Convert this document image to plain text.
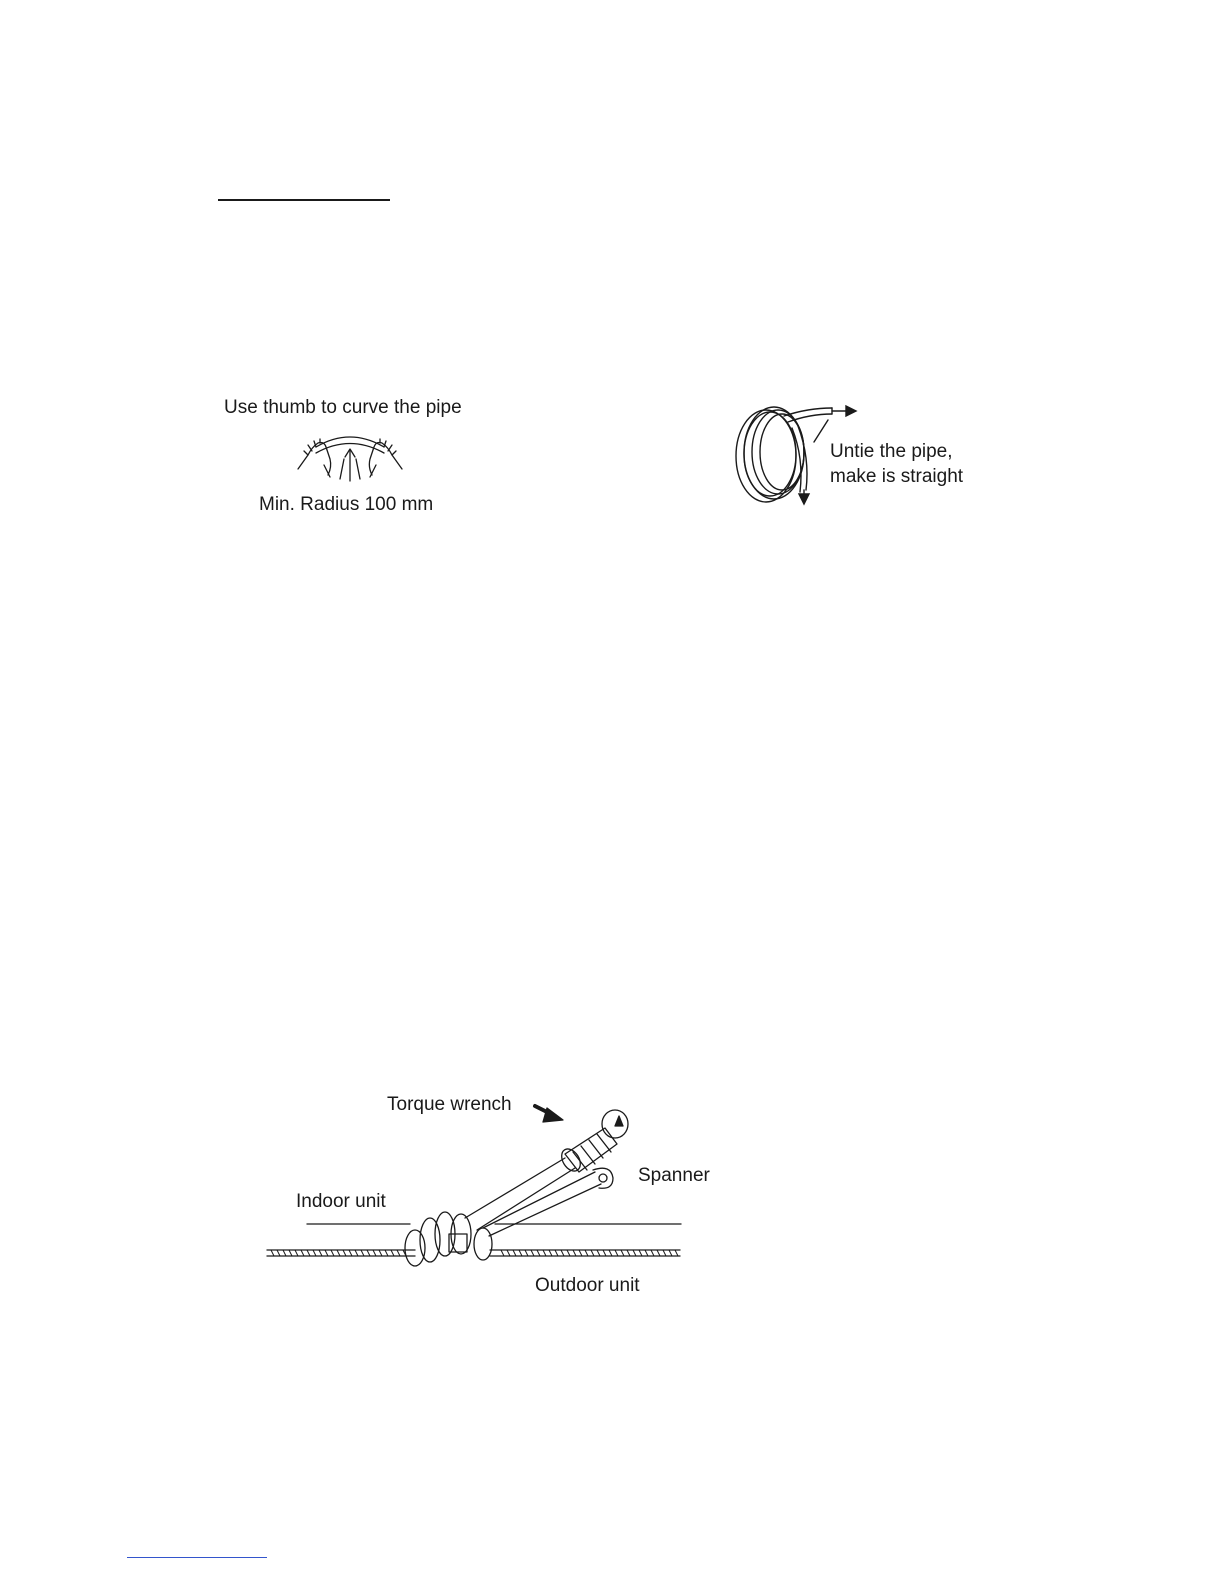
Use thumb to curve the pipe
Min. Radius 100 mm
Untie the pipe,
make is straight
Torque wrench
Spanner
Indoor unit
Outdoor unit
